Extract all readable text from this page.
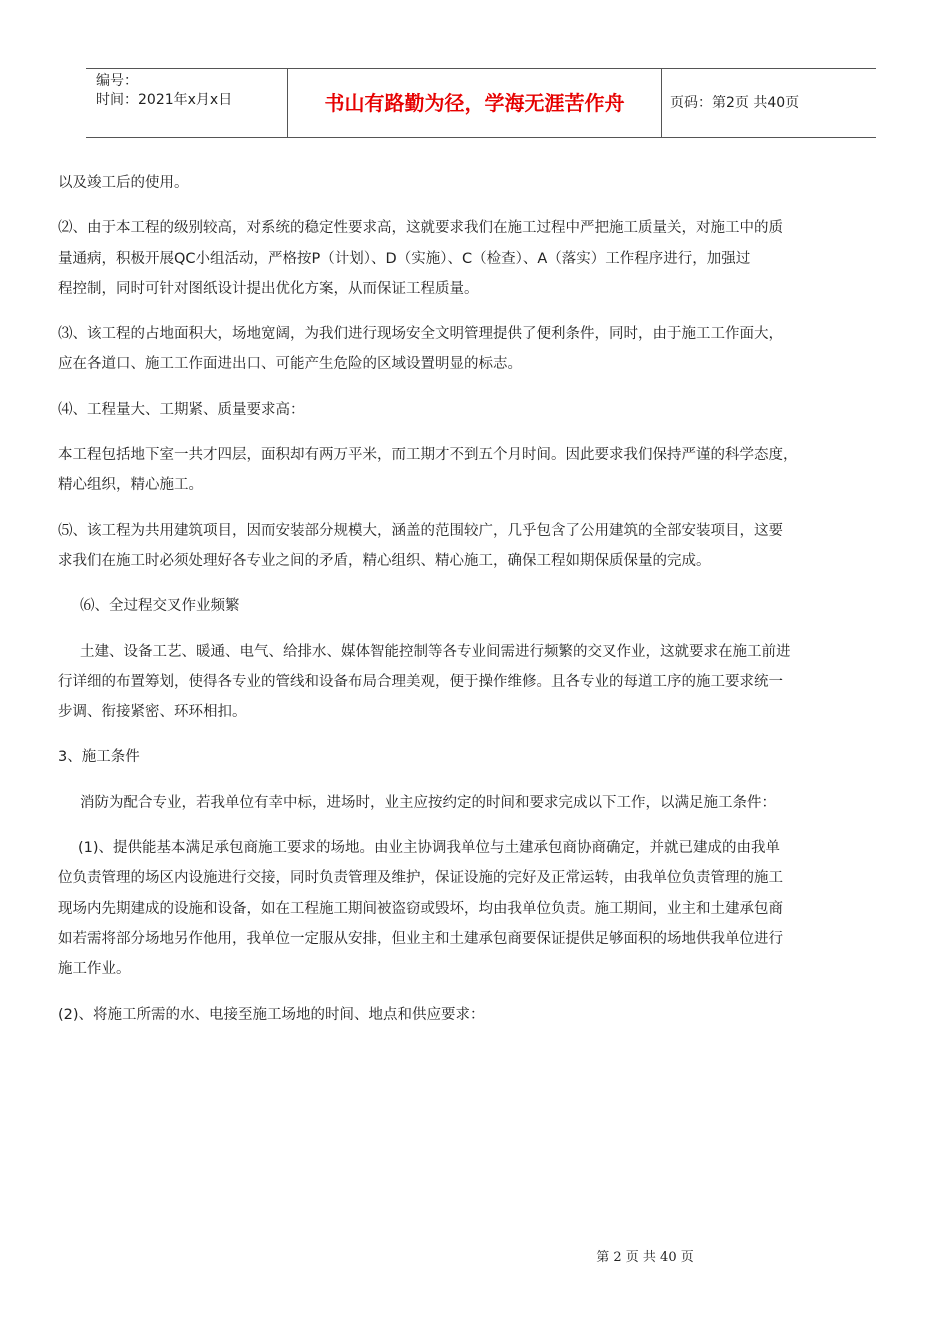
编号：
时间：2021年x月x日	书山有路勤为径，学海无涯苦作舟	页码：第2页 共40页

以及竣工后的使用。

⑵、由于本工程的级别较高，对系统的稳定性要求高，这就要求我们在施工过程中严把施工质量关，对施工中的质

量通病，积极开展QC小组活动，严格按P（计划）、D（实施）、C（检查）、A（落实）工作程序进行，加强过

程控制，同时可针对图纸设计提出优化方案，从而保证工程质量。

⑶、该工程的占地面积大，场地宽阔，为我们进行现场安全文明管理提供了便利条件，同时，由于施工工作面大，

应在各道口、施工工作面进出口、可能产生危险的区域设置明显的标志。

⑷、工程量大、工期紧、质量要求高：

本工程包括地下室一共才四层，面积却有两万平米，而工期才不到五个月时间。因此要求我们保持严谨的科学态度，

精心组织，精心施工。

⑸、该工程为共用建筑项目，因而安装部分规模大，涵盖的范围较广，几乎包含了公用建筑的全部安装项目，这要

求我们在施工时必须处理好各专业之间的矛盾，精心组织、精心施工，确保工程如期保质保量的完成。

⑹、全过程交叉作业频繁

土建、设备工艺、暖通、电气、给排水、媒体智能控制等各专业间需进行频繁的交叉作业，这就要求在施工前进

行详细的布置筹划，使得各专业的管线和设备布局合理美观，便于操作维修。且各专业的每道工序的施工要求统一

步调、衔接紧密、环环相扣。

3、施工条件

消防为配合专业，若我单位有幸中标，进场时，业主应按约定的时间和要求完成以下工作，以满足施工条件：

(1)、提供能基本满足承包商施工要求的场地。由业主协调我单位与土建承包商协商确定，并就已建成的由我单

位负责管理的场区内设施进行交接，同时负责管理及维护，保证设施的完好及正常运转，由我单位负责管理的施工

现场内先期建成的设施和设备，如在工程施工期间被盗窃或毁坏，均由我单位负责。施工期间，业主和土建承包商

如若需将部分场地另作他用，我单位一定服从安排，但业主和土建承包商要保证提供足够面积的场地供我单位进行

施工作业。

(2)、将施工所需的水、电接至施工场地的时间、地点和供应要求：

第 2 页 共 40 页
